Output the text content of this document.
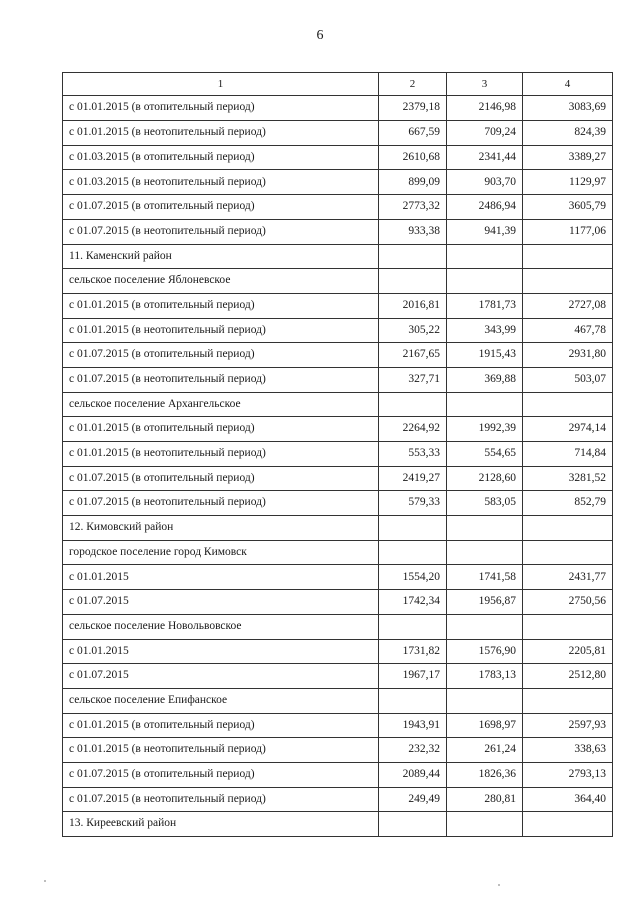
6
1	2	3	4
с 01.01.2015 (в отопительный период)	2379,18	2146,98	3083,69
с 01.01.2015 (в неотопительный период)	667,59	709,24	824,39
с 01.03.2015 (в отопительный период)	2610,68	2341,44	3389,27
с 01.03.2015 (в неотопительный период)	899,09	903,70	1129,97
с 01.07.2015 (в отопительный период)	2773,32	2486,94	3605,79
с 01.07.2015 (в неотопительный период)	933,38	941,39	1177,06
11. Каменский район			
сельское поселение Яблоневское			
с 01.01.2015 (в отопительный период)	2016,81	1781,73	2727,08
с 01.01.2015 (в неотопительный период)	305,22	343,99	467,78
с 01.07.2015 (в отопительный период)	2167,65	1915,43	2931,80
с 01.07.2015 (в неотопительный период)	327,71	369,88	503,07
сельское поселение Архангельское			
с 01.01.2015 (в отопительный период)	2264,92	1992,39	2974,14
с 01.01.2015 (в неотопительный период)	553,33	554,65	714,84
с 01.07.2015 (в отопительный период)	2419,27	2128,60	3281,52
с 01.07.2015 (в неотопительный период)	579,33	583,05	852,79
12. Кимовский район			
городское поселение город Кимовск			
с 01.01.2015	1554,20	1741,58	2431,77
с 01.07.2015	1742,34	1956,87	2750,56
сельское поселение Новольвовское			
с 01.01.2015	1731,82	1576,90	2205,81
с 01.07.2015	1967,17	1783,13	2512,80
сельское поселение Епифанское			
с 01.01.2015 (в отопительный период)	1943,91	1698,97	2597,93
с 01.01.2015 (в неотопительный период)	232,32	261,24	338,63
с 01.07.2015 (в отопительный период)	2089,44	1826,36	2793,13
с 01.07.2015 (в неотопительный период)	249,49	280,81	364,40
13. Киреевский район			
